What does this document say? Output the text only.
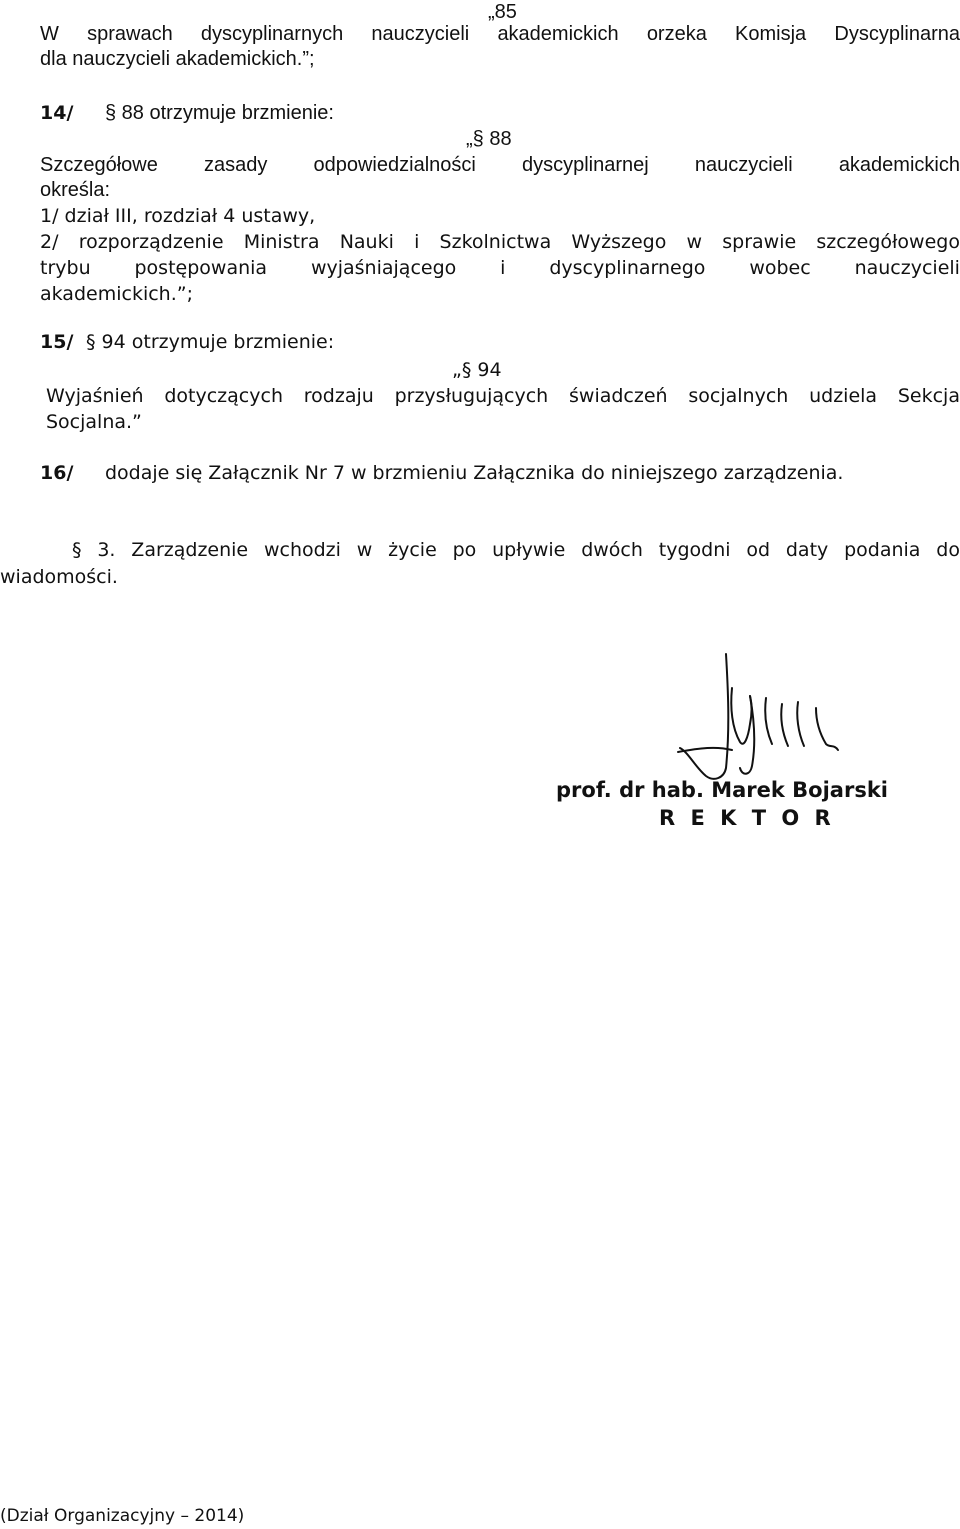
„85
W sprawach dyscyplinarnych nauczycieli akademickich orzeka Komisja Dyscyplinarna
dla nauczycieli akademickich.”;
14/ § 88 otrzymuje brzmienie:
„§ 88
Szczegółowe zasady odpowiedzialności dyscyplinarnej nauczycieli akademickich
określa:
1/ dział III, rozdział 4 ustawy,
2/ rozporządzenie Ministra Nauki i Szkolnictwa Wyższego w sprawie szczegółowego
trybu postępowania wyjaśniającego i dyscyplinarnego wobec nauczycieli
akademickich.”;
15/ § 94 otrzymuje brzmienie:
„§ 94
Wyjaśnień dotyczących rodzaju przysługujących świadczeń socjalnych udziela Sekcja
Socjalna.”
16/ dodaje się Załącznik Nr 7 w brzmieniu Załącznika do niniejszego zarządzenia.
§ 3. Zarządzenie wchodzi w życie po upływie dwóch tygodni od daty podania do
wiadomości.
prof. dr hab. Marek Bojarski
R E K T O R
(Dział Organizacyjny – 2014)
